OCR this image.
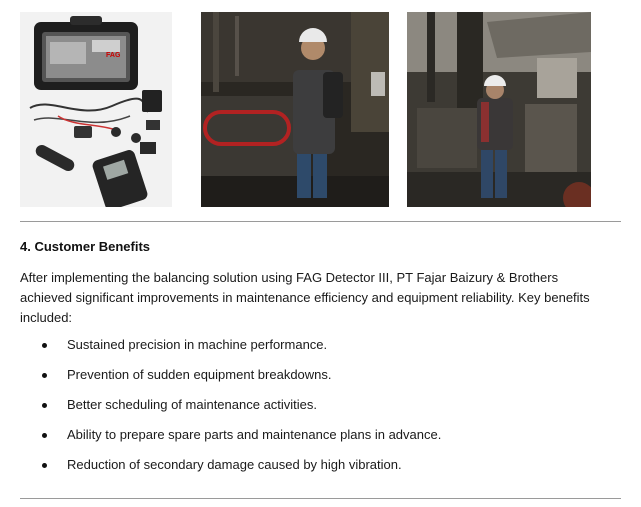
FAG
4. Customer Benefits

After implementing the balancing solution using FAG Detector III, PT Fajar Baizury & Brothers achieved significant improvements in maintenance efficiency and equipment reliability. Key benefits included:

Sustained precision in machine performance.
Prevention of sudden equipment breakdowns.
Better scheduling of maintenance activities.
Ability to prepare spare parts and maintenance plans in advance.
Reduction of secondary damage caused by high vibration.
